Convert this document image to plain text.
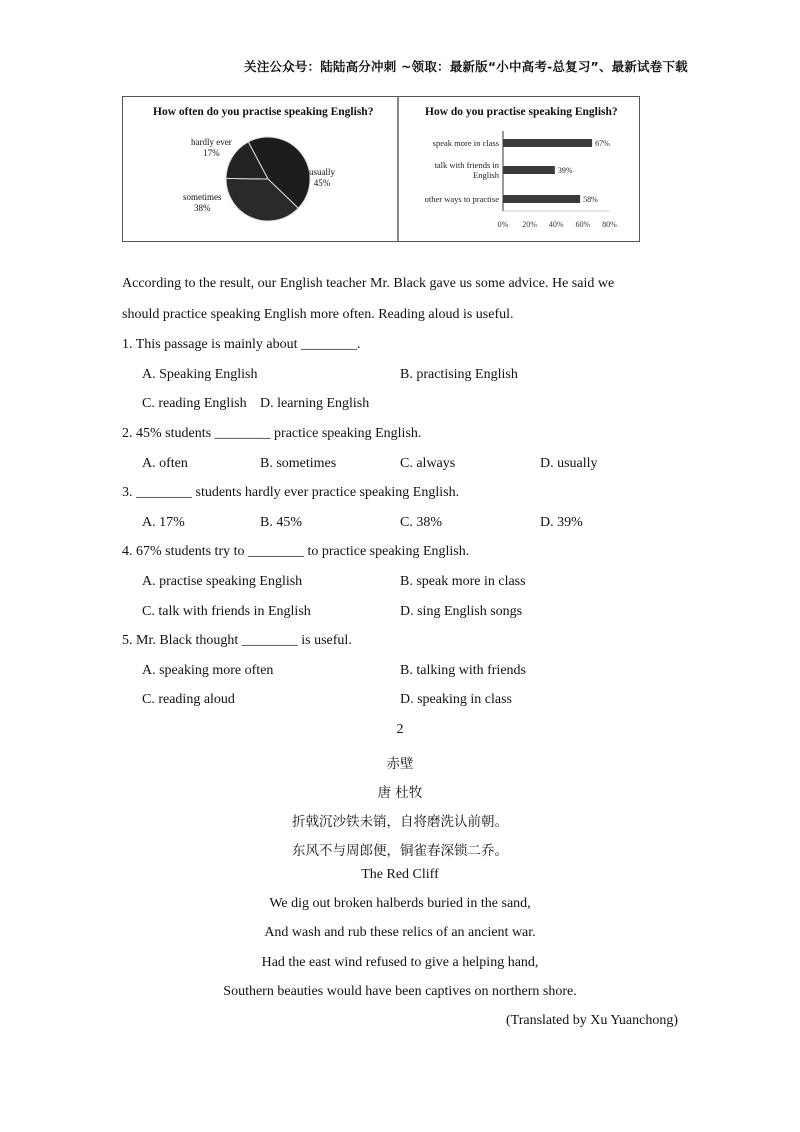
关注公众号：陆陆高分冲刺 ~领取：最新版“小中高考-总复习”、最新试卷下载
How often do you practise speaking English?
hardly ever
17%
usually
45%
sometimes
38%
How do you practise speaking English?
67%
speak more in class
39%
talk with friends in
English
58%
other ways to practise
0% 20% 40% 60% 80%
According to the result, our English teacher Mr. Black gave us some advice. He said we
should practice speaking English more often. Reading aloud is useful.
1. This passage is mainly about ________.
A. Speaking English	B. practising English
C. reading English D. learning English
2. 45% students ________ practice speaking English.
A. often	B. sometimes	C. always	D. usually
3. ________ students hardly ever practice speaking English.
A. 17%	B. 45%	C. 38%	D. 39%
4. 67% students try to ________ to practice speaking English.
A. practise speaking English	B. speak more in class
C. talk with friends in English	D. sing English songs
5. Mr. Black thought ________ is useful.
A. speaking more often	B. talking with friends
C. reading aloud	D. speaking in class
2
赤壁
唐 杜牧
折戟沉沙铁未销，自将磨洗认前朝。
东风不与周郎便，铜雀春深锁二乔。
The Red Cliff
We dig out broken halberds buried in the sand,
And wash and rub these relics of an ancient war.
Had the east wind refused to give a helping hand,
Southern beauties would have been captives on northern shore.
(Translated by Xu Yuanchong)
